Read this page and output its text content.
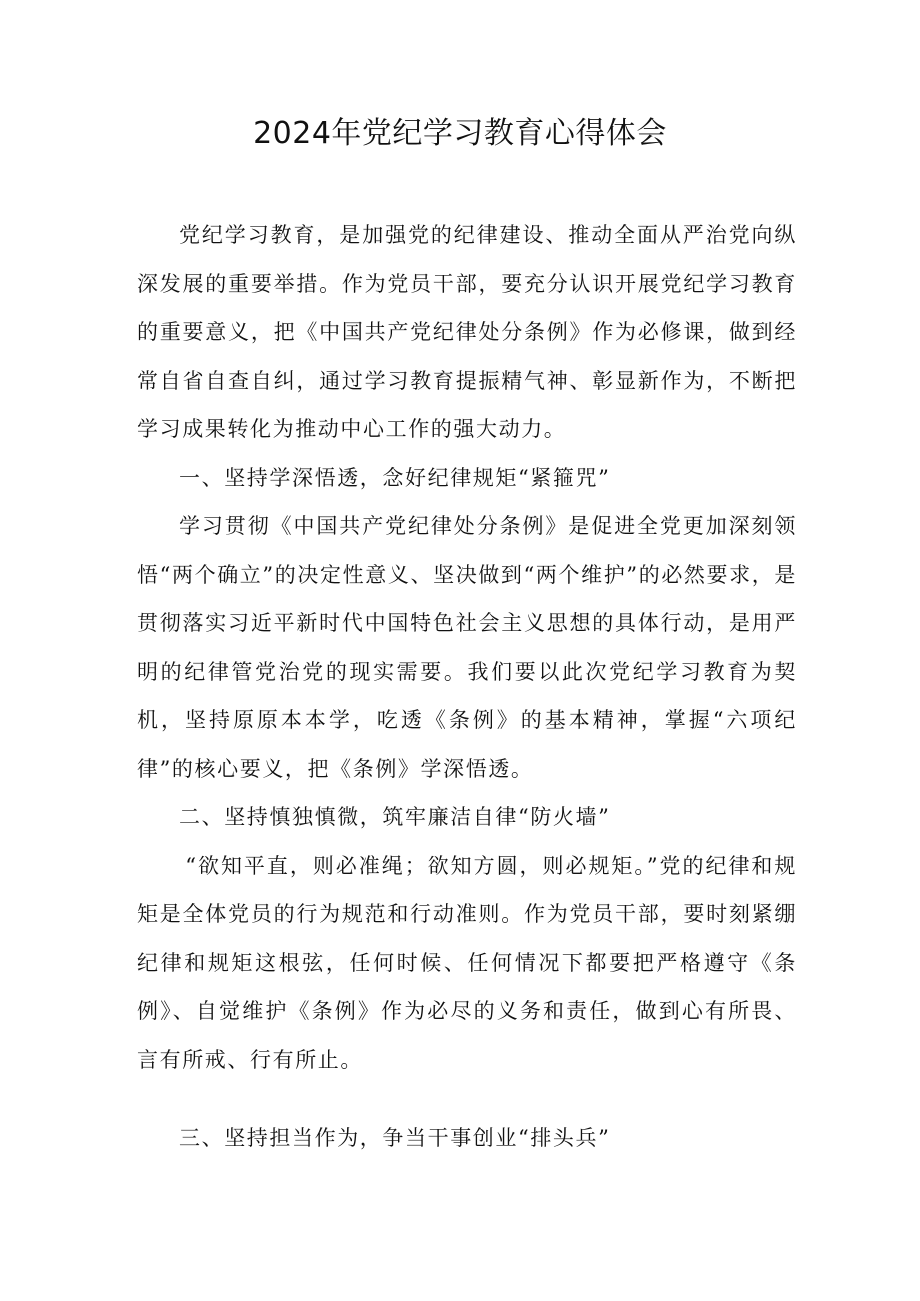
2024年党纪学习教育心得体会

党纪学习教育，是加强党的纪律建设、推动全面从严治党向纵深发展的重要举措。作为党员干部，要充分认识开展党纪学习教育的重要意义，把《中国共产党纪律处分条例》作为必修课，做到经常自省自查自纠，通过学习教育提振精气神、彰显新作为，不断把学习成果转化为推动中心工作的强大动力。

一、坚持学深悟透，念好纪律规矩“紧箍咒”

学习贯彻《中国共产党纪律处分条例》是促进全党更加深刻领悟“两个确立”的决定性意义、坚决做到“两个维护”的必然要求，是贯彻落实习近平新时代中国特色社会主义思想的具体行动，是用严明的纪律管党治党的现实需要。我们要以此次党纪学习教育为契机，坚持原原本本学，吃透《条例》的基本精神，掌握“六项纪律”的核心要义，把《条例》学深悟透。

二、坚持慎独慎微，筑牢廉洁自律“防火墙”

“欲知平直，则必准绳；欲知方圆，则必规矩。”党的纪律和规矩是全体党员的行为规范和行动准则。作为党员干部，要时刻紧绷纪律和规矩这根弦，任何时候、任何情况下都要把严格遵守《条例》、自觉维护《条例》作为必尽的义务和责任，做到心有所畏、言有所戒、行有所止。

三、坚持担当作为，争当干事创业“排头兵”
